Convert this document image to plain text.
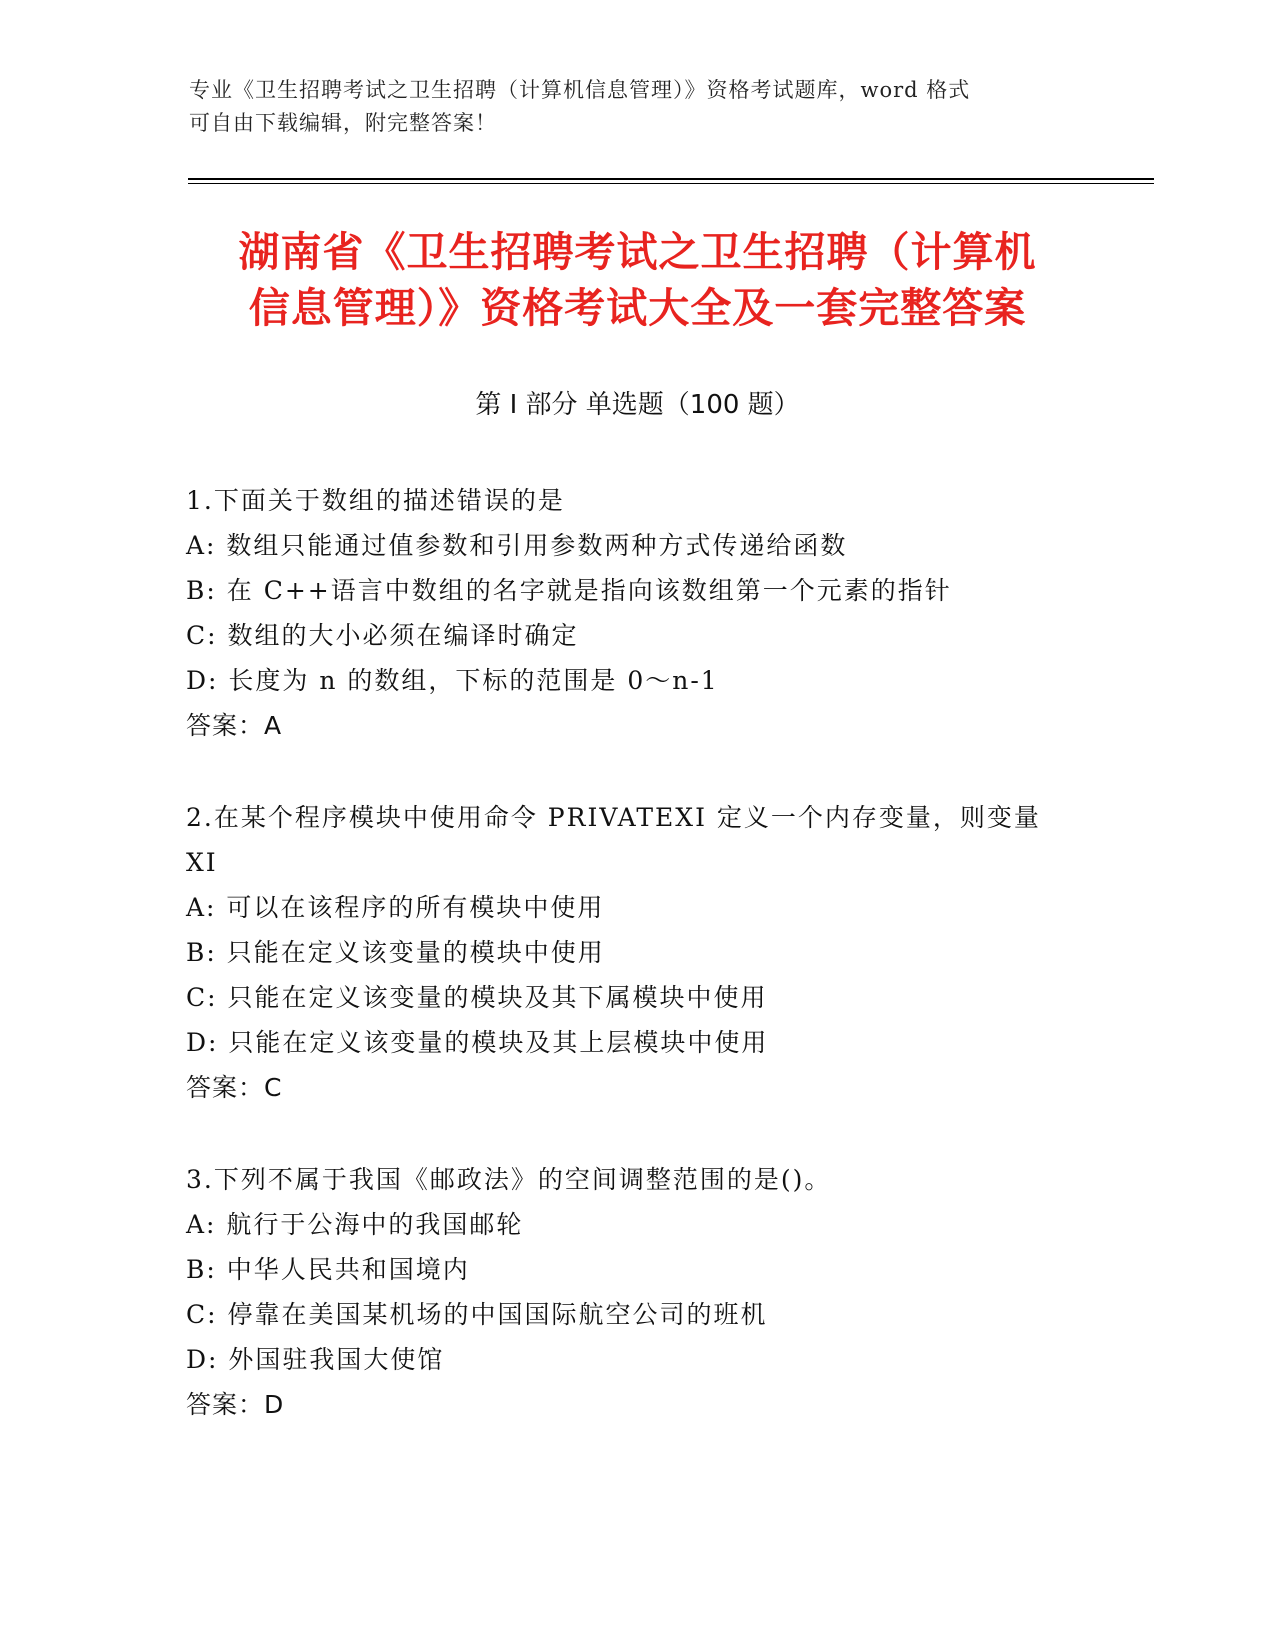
专业《卫生招聘考试之卫生招聘（计算机信息管理）》资格考试题库，word 格式
可自由下载编辑，附完整答案！
湖南省《卫生招聘考试之卫生招聘（计算机
信息管理）》资格考试大全及一套完整答案
第 I 部分 单选题（100 题）
1.下面关于数组的描述错误的是
A: 数组只能通过值参数和引用参数两种方式传递给函数
B: 在 C++语言中数组的名字就是指向该数组第一个元素的指针
C: 数组的大小必须在编译时确定
D: 长度为 n 的数组，下标的范围是 0～n-1
答案：A
2.在某个程序模块中使用命令 PRIVATEXI 定义一个内存变量，则变量
XI
A: 可以在该程序的所有模块中使用
B: 只能在定义该变量的模块中使用
C: 只能在定义该变量的模块及其下属模块中使用
D: 只能在定义该变量的模块及其上层模块中使用
答案：C
3.下列不属于我国《邮政法》的空间调整范围的是()。
A: 航行于公海中的我国邮轮
B: 中华人民共和国境内
C: 停靠在美国某机场的中国国际航空公司的班机
D: 外国驻我国大使馆
答案：D
